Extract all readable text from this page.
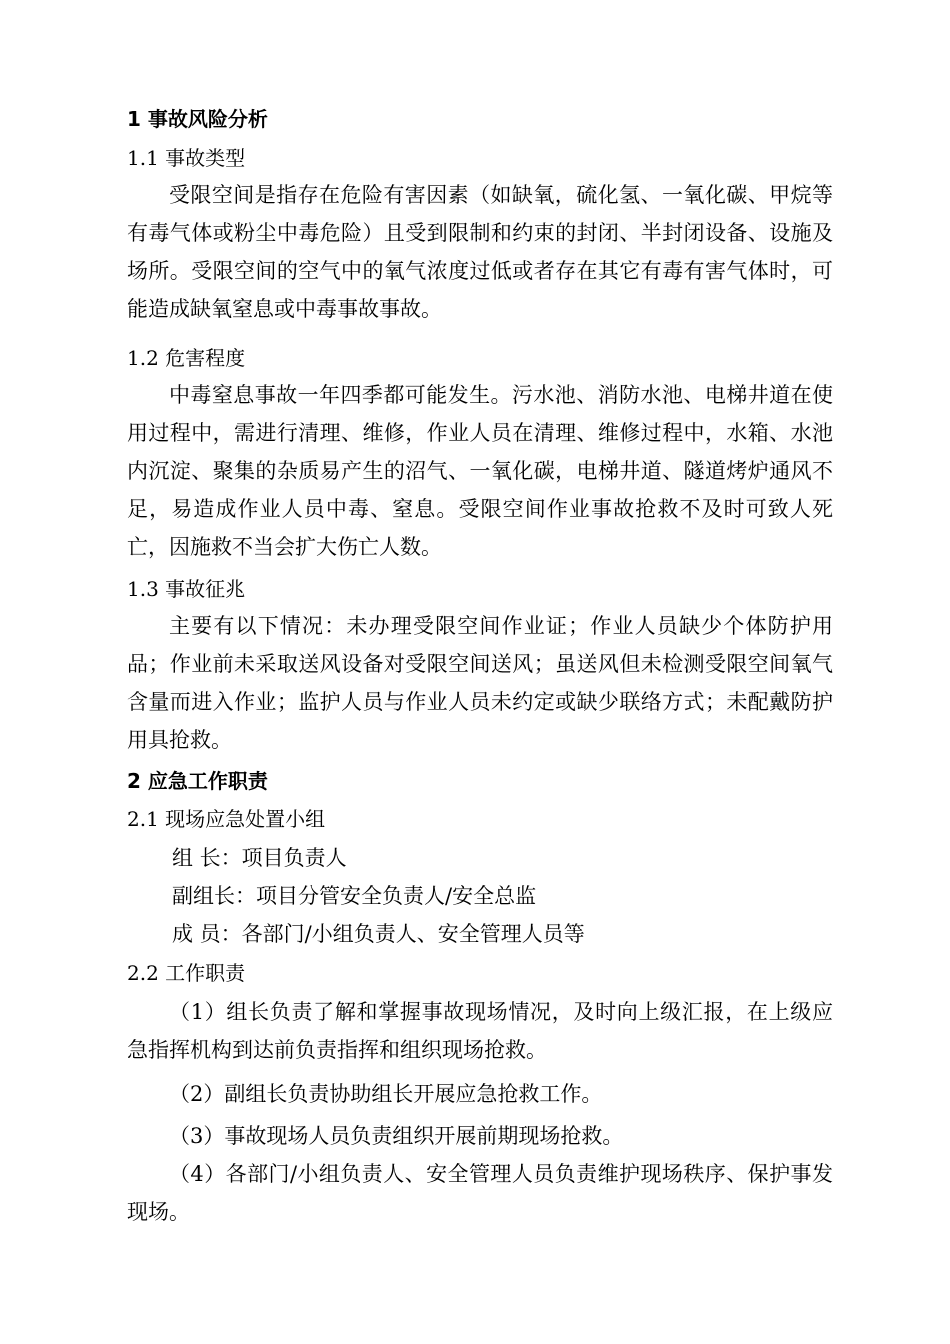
1 事故风险分析
1.1 事故类型

受限空间是指存在危险有害因素（如缺氧，硫化氢、一氧化碳、甲烷等有毒气体或粉尘中毒危险）且受到限制和约束的封闭、半封闭设备、设施及场所。受限空间的空气中的氧气浓度过低或者存在其它有毒有害气体时，可能造成缺氧窒息或中毒事故事故。

1.2 危害程度

中毒窒息事故一年四季都可能发生。污水池、消防水池、电梯井道在使用过程中，需进行清理、维修，作业人员在清理、维修过程中，水箱、水池内沉淀、聚集的杂质易产生的沼气、一氧化碳，电梯井道、隧道烤炉通风不足，易造成作业人员中毒、窒息。受限空间作业事故抢救不及时可致人死亡，因施救不当会扩大伤亡人数。

1.3 事故征兆

主要有以下情况：未办理受限空间作业证；作业人员缺少个体防护用品；作业前未采取送风设备对受限空间送风；虽送风但未检测受限空间氧气含量而进入作业；监护人员与作业人员未约定或缺少联络方式；未配戴防护用具抢救。

2 应急工作职责
2.1 现场应急处置小组
组 长：项目负责人
副组长：项目分管安全负责人/安全总监
成 员：各部门/小组负责人、安全管理人员等
2.2 工作职责

（1）组长负责了解和掌握事故现场情况，及时向上级汇报，在上级应急指挥机构到达前负责指挥和组织现场抢救。

（2）副组长负责协助组长开展应急抢救工作。

（3）事故现场人员负责组织开展前期现场抢救。

（4）各部门/小组负责人、安全管理人员负责维护现场秩序、保护事发现场。
